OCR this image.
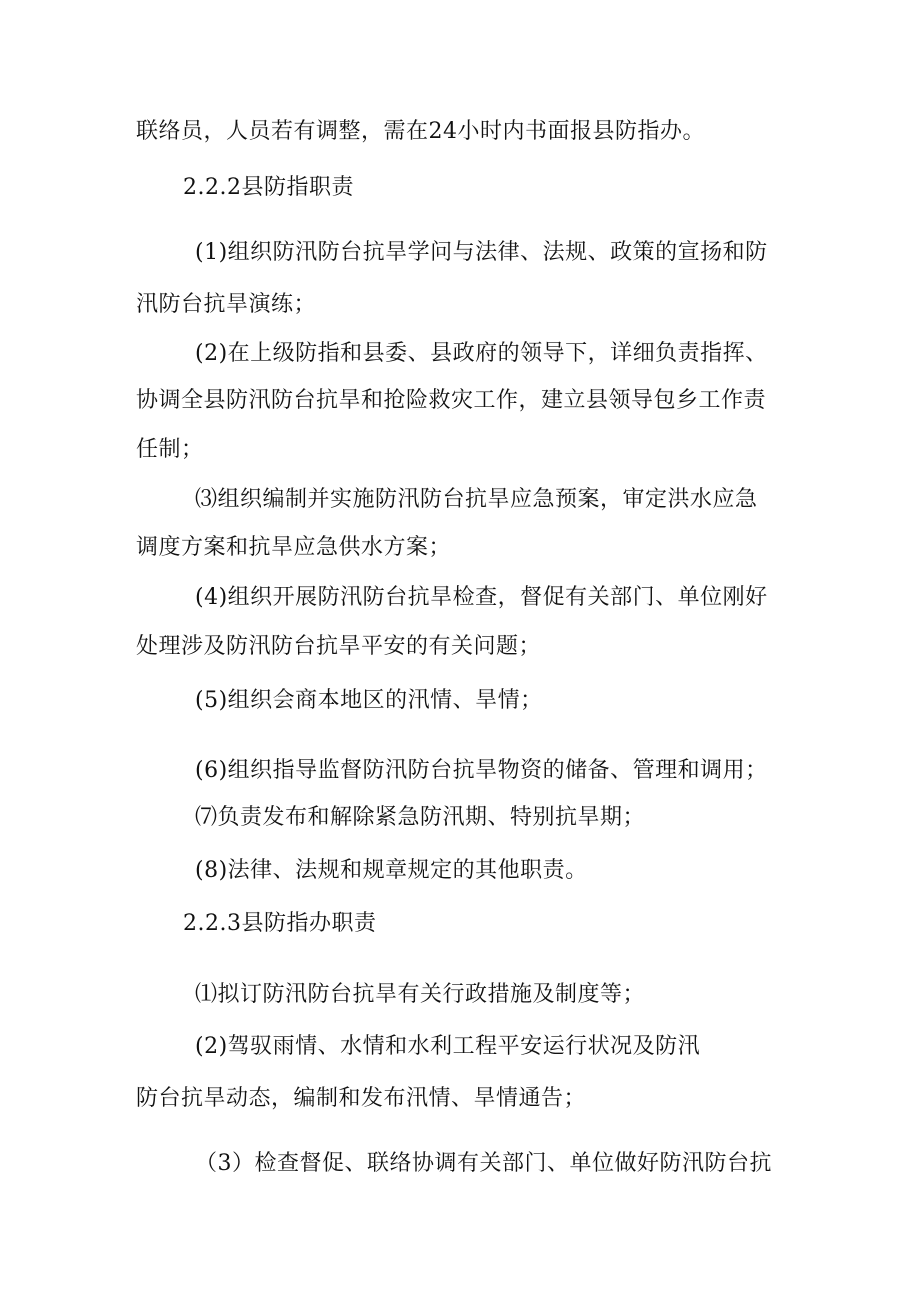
联络员，人员若有调整，需在24小时内书面报县防指办。
2.2.2县防指职责
(1)组织防汛防台抗旱学问与法律、法规、政策的宣扬和防
汛防台抗旱演练；
(2)在上级防指和县委、县政府的领导下，详细负责指挥、
协调全县防汛防台抗旱和抢险救灾工作，建立县领导包乡工作责
任制；
⑶组织编制并实施防汛防台抗旱应急预案，审定洪水应急
调度方案和抗旱应急供水方案；
(4)组织开展防汛防台抗旱检查，督促有关部门、单位刚好
处理涉及防汛防台抗旱平安的有关问题；
(5)组织会商本地区的汛情、旱情；
(6)组织指导监督防汛防台抗旱物资的储备、管理和调用；
⑺负责发布和解除紧急防汛期、特别抗旱期；
(8)法律、法规和规章规定的其他职责。
2.2.3县防指办职责
⑴拟订防汛防台抗旱有关行政措施及制度等；
(2)驾驭雨情、水情和水利工程平安运行状况及防汛
防台抗旱动态，编制和发布汛情、旱情通告；
（3）检查督促、联络协调有关部门、单位做好防汛防台抗
